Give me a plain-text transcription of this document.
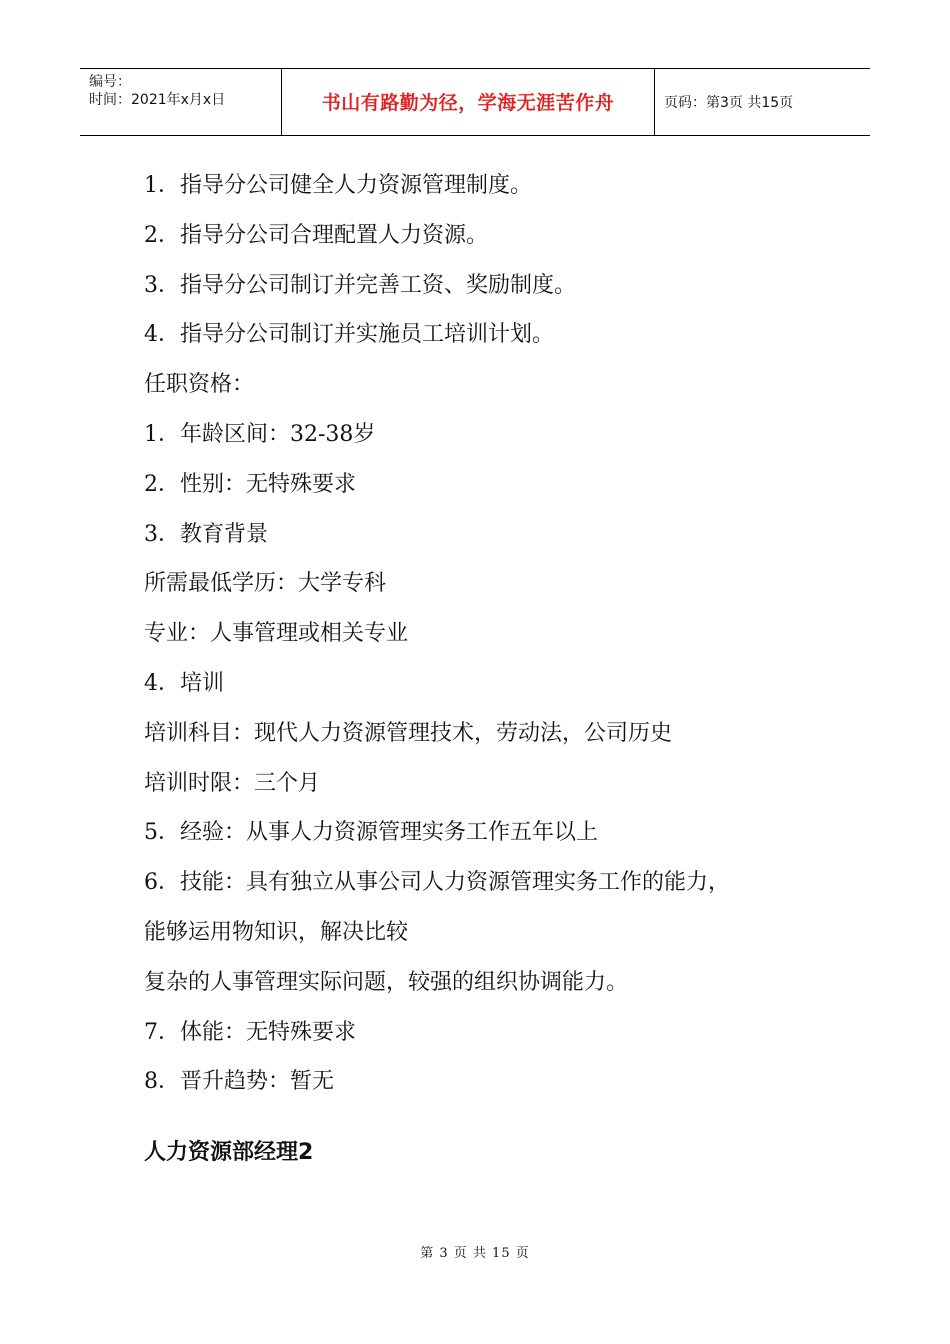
编号：
时间：2021年x月x日	书山有路勤为径，学海无涯苦作舟	页码：第3页 共15页
1．指导分公司健全人力资源管理制度。
2．指导分公司合理配置人力资源。
3．指导分公司制订并完善工资、奖励制度。
4．指导分公司制订并实施员工培训计划。
任职资格：
1．年龄区间：32-38岁
2．性别：无特殊要求
3．教育背景
所需最低学历：大学专科
专业：人事管理或相关专业
4．培训
培训科目：现代人力资源管理技术，劳动法，公司历史
培训时限：三个月
5．经验：从事人力资源管理实务工作五年以上
6．技能：具有独立从事公司人力资源管理实务工作的能力，
能够运用物知识，解决比较
复杂的人事管理实际问题，较强的组织协调能力。
7．体能：无特殊要求
8．晋升趋势：暂无
人力资源部经理2
第 3 页 共 15 页
